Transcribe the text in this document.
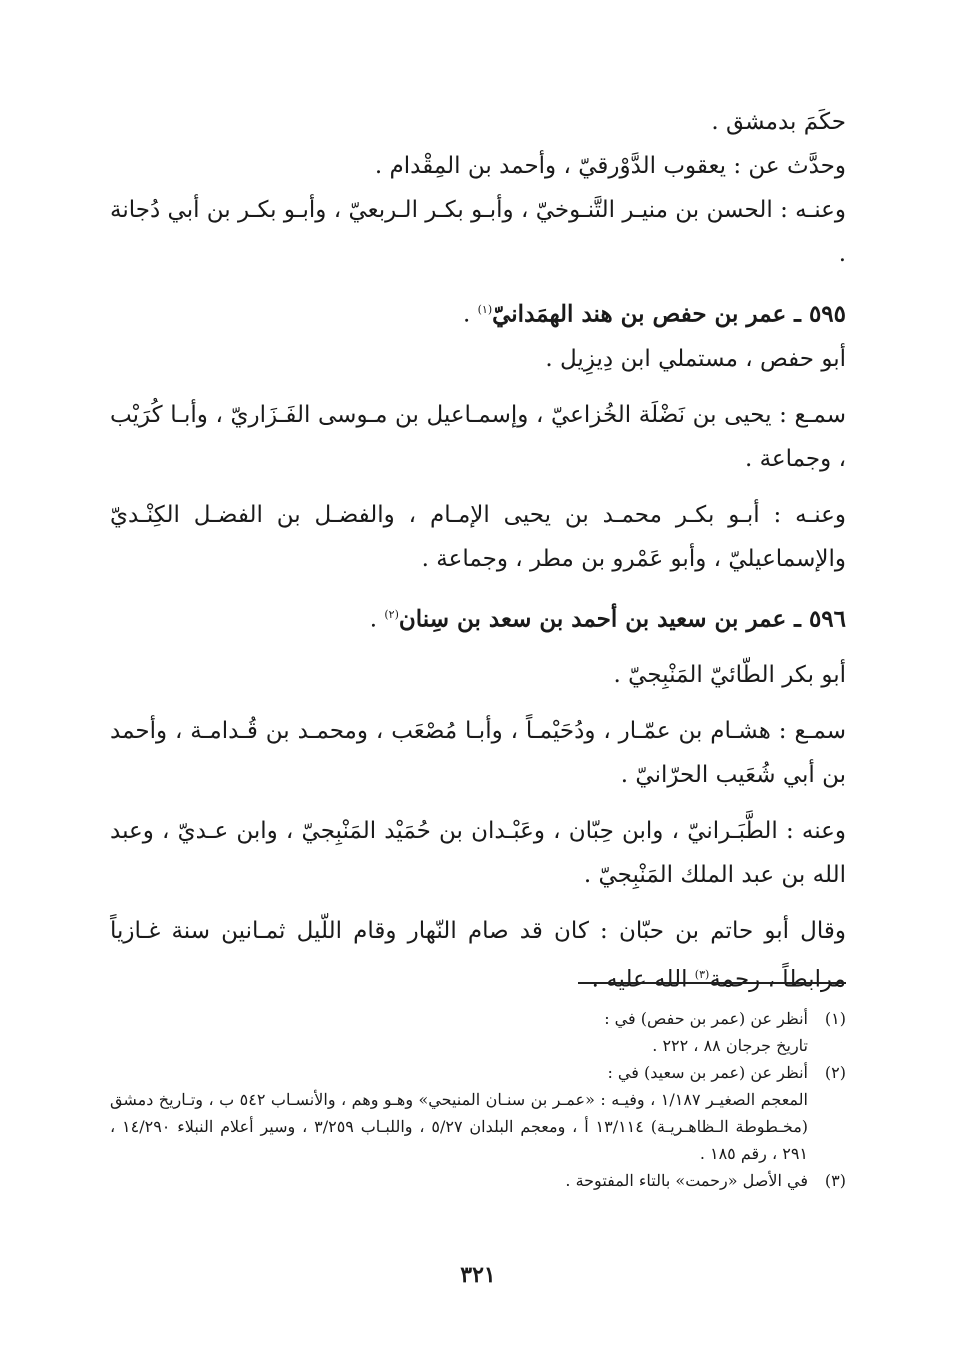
حكَمَ بدمشق .

وحدَّث عن : يعقوب الدَّوْرقيّ ، وأحمد بن المِقْدام .

وعنـه : الحسن بن منيـر التَّنـوخيّ ، وأبـو بكـر الـربعيّ ، وأبـو بكـر بن أبي دُجانة .

٥٩٥ ـ عمر بن حفص بن هند الهمَدانيّ$^{(١)}$ .

أبو حفص ، مستملي ابن دِيزِيل .

سمـع : يحيى بن نَضْلَة الخُزاعيّ ، وإسمـاعيل بن مـوسى الفَـزَاريّ ، وأبـا كُرَيْب ، وجماعة .

وعنـه : أبـو بكـر محمـد بن يحيى الإمـام ، والفضـل بن الفضـل الكِنْـديّ والإسماعيليّ ، وأبو عَمْرو بن مطر ، وجماعة .

٥٩٦ ـ عمر بن سعيد بن أحمد بن سعد بن سِنان$^{(٢)}$ .

أبو بكر الطّائيّ المَنْبِجيّ .

سمـع : هشـام بن عمّـار ، ودُحَيْمـاً ، وأبـا مُصْعَب ، ومحمـد بن قُـدامـة ، وأحمد بن أبي شُعَيب الحرّانيّ .

وعنه : الطَّبَـرانيّ ، وابن حِبّان ، وعَبْـدان بن حُمَيْد المَنْبِجيّ ، وابن عـديّ ، وعبد الله بن عبد الملك المَنْبِجيّ .

وقال أبو حاتم بن حبّان : كان قد صام النّهار وقام اللّيل ثمـانين سنة غـازياً مرابطاً ، رحمة$^{(٣)}$ الله عليه .

(١)
أنظر عن (عمر بن حفص) في :
تاريخ جرجان ٨٨ ، ٢٢٢ .
(٢)
أنظر عن (عمر بن سعيد) في :
المعجم الصغيـر ١/١٨٧ ، وفيـه : «عمـر بن سنـان المنيحي» وهـو وهم ، والأنسـاب ٥٤٢ ب ، وتـاريخ دمشق (مخـطوطة الـظاهـريـة) ١٣/١١٤ أ ، ومعجم البلدان ٥/٢٧ ، واللبـاب ٣/٢٥٩ ، وسير أعلام النبلاء ١٤/٢٩٠ ، ٢٩١ ، رقم ١٨٥ .
(٣)
في الأصل «رحمت» بالتاء المفتوحة .
٣٢١
